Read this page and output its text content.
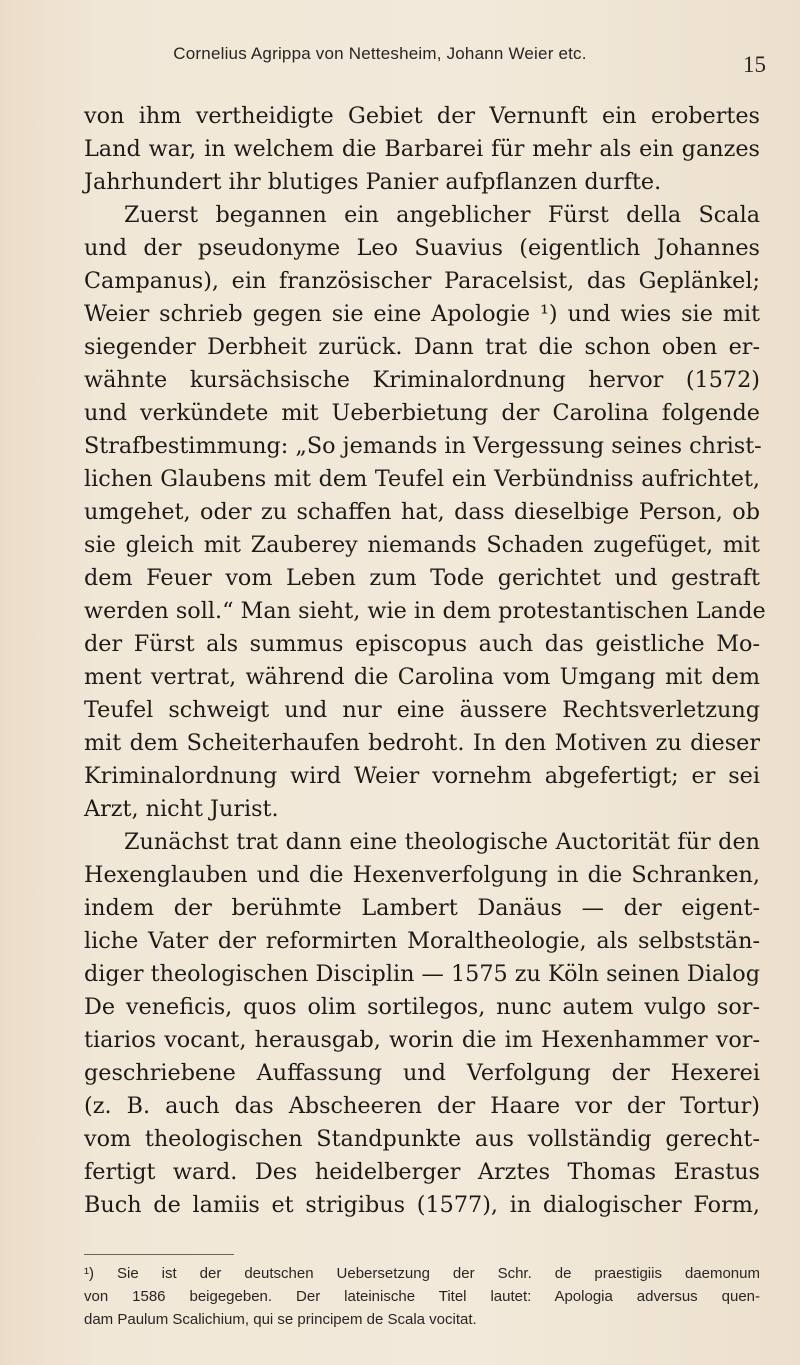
Cornelius Agrippa von Nettesheim, Johann Weier etc.	15
von ihm vertheidigte Gebiet der Vernunft ein erobertes
Land war, in welchem die Barbarei für mehr als ein ganzes
Jahrhundert ihr blutiges Panier aufpflanzen durfte.
Zuerst begannen ein angeblicher Fürst della Scala
und der pseudonyme Leo Suavius (eigentlich Johannes
Campanus), ein französischer Paracelsist, das Geplänkel;
Weier schrieb gegen sie eine Apologie ¹) und wies sie mit
siegender Derbheit zurück. Dann trat die schon oben er-
wähnte kursächsische Kriminalordnung hervor (1572)
und verkündete mit Ueberbietung der Carolina folgende
Strafbestimmung: „So jemands in Vergessung seines christ-
lichen Glaubens mit dem Teufel ein Verbündniss aufrichtet,
umgehet, oder zu schaffen hat, dass dieselbige Person, ob
sie gleich mit Zauberey niemands Schaden zugefüget, mit
dem Feuer vom Leben zum Tode gerichtet und gestraft
werden soll.“ Man sieht, wie in dem protestantischen Lande
der Fürst als summus episcopus auch das geistliche Mo-
ment vertrat, während die Carolina vom Umgang mit dem
Teufel schweigt und nur eine äussere Rechtsverletzung
mit dem Scheiterhaufen bedroht. In den Motiven zu dieser
Kriminalordnung wird Weier vornehm abgefertigt; er sei
Arzt, nicht Jurist.
Zunächst trat dann eine theologische Auctorität für den
Hexenglauben und die Hexenverfolgung in die Schranken,
indem der berühmte Lambert Danäus — der eigent-
liche Vater der reformirten Moraltheologie, als selbststän-
diger theologischen Disciplin — 1575 zu Köln seinen Dialog
De veneficis, quos olim sortilegos, nunc autem vulgo sor-
tiarios vocant, herausgab, worin die im Hexenhammer vor-
geschriebene Auffassung und Verfolgung der Hexerei
(z. B. auch das Abscheeren der Haare vor der Tortur)
vom theologischen Standpunkte aus vollständig gerecht-
fertigt ward. Des heidelberger Arztes Thomas Erastus
Buch de lamiis et strigibus (1577), in dialogischer Form,
¹) Sie ist der deutschen Uebersetzung der Schr. de praestigiis daemonum
von 1586 beigegeben. Der lateinische Titel lautet: Apologia adversus quen-
dam Paulum Scalichium, qui se principem de Scala vocitat.
